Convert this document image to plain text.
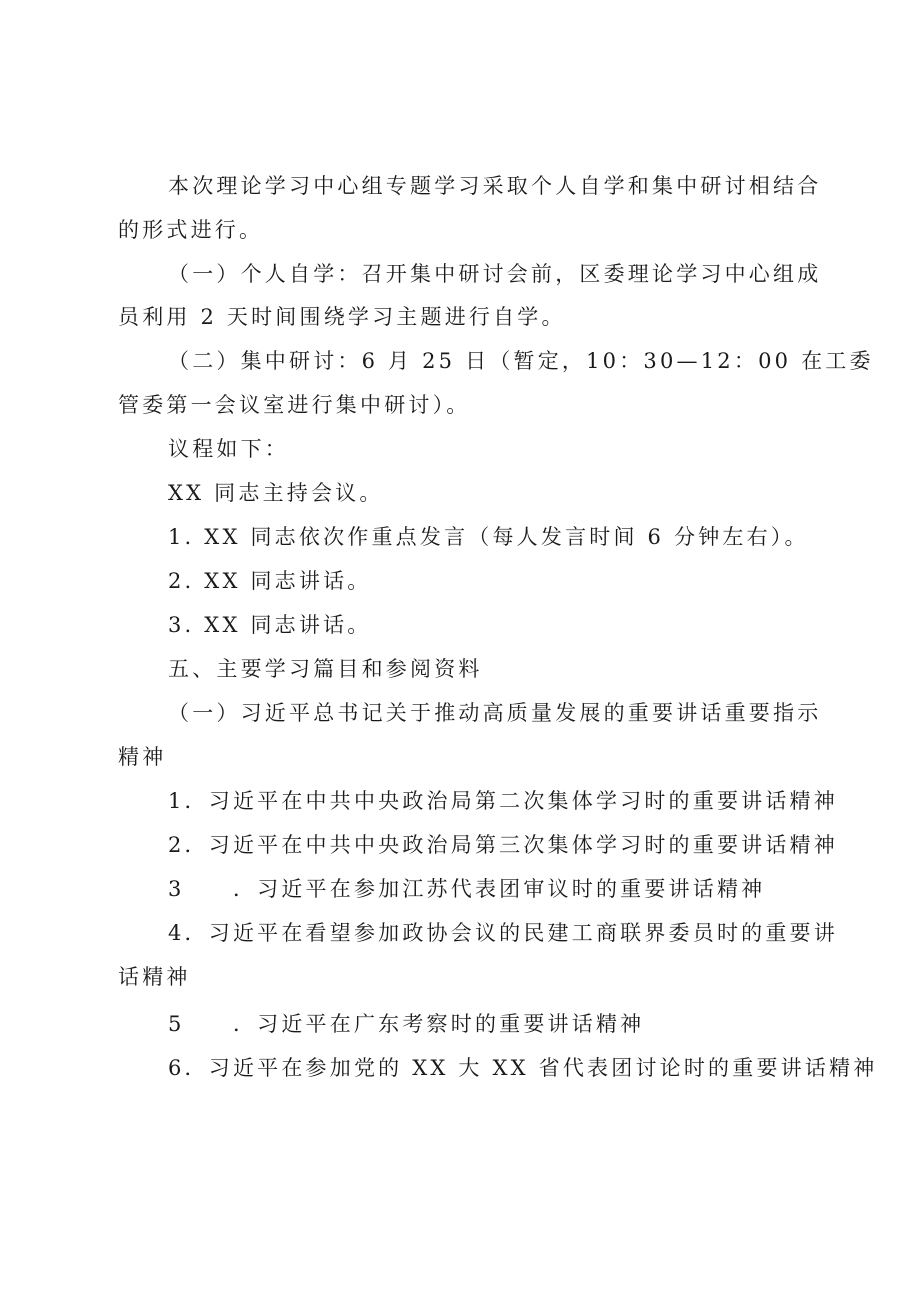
本次理论学习中心组专题学习采取个人自学和集中研讨相结合
的形式进行。
（一）个人自学：召开集中研讨会前，区委理论学习中心组成
员利用 2 天时间围绕学习主题进行自学。
（二）集中研讨：6 月 25 日（暂定，10：30—12：00 在工委
管委第一会议室进行集中研讨）。
议程如下：
XX 同志主持会议。
1. XX 同志依次作重点发言（每人发言时间 6 分钟左右）。
2. XX 同志讲话。
3. XX 同志讲话。
五、主要学习篇目和参阅资料
（一）习近平总书记关于推动高质量发展的重要讲话重要指示
精神
1．习近平在中共中央政治局第二次集体学习时的重要讲话精神
2．习近平在中共中央政治局第三次集体学习时的重要讲话精神
3　　．习近平在参加江苏代表团审议时的重要讲话精神
4．习近平在看望参加政协会议的民建工商联界委员时的重要讲
话精神
5　　．习近平在广东考察时的重要讲话精神
6．习近平在参加党的 XX 大 XX 省代表团讨论时的重要讲话精神
